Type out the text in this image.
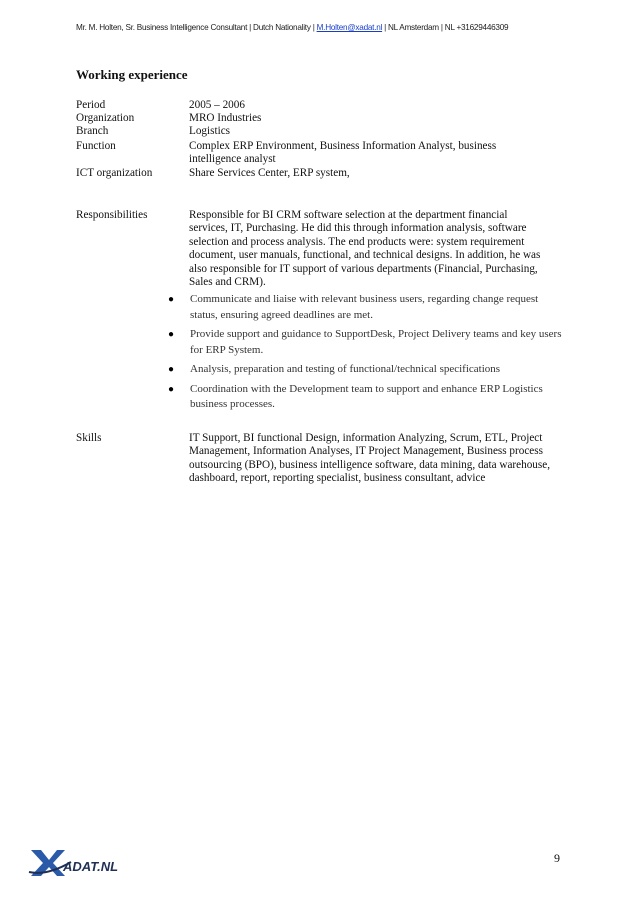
Mr. M. Holten, Sr. Business Intelligence Consultant | Dutch Nationality | M.Holten@xadat.nl | NL Amsterdam | NL +31629446309
Working experience
Period	2005 – 2006
Organization	MRO Industries
Branch	Logistics
Function	Complex ERP Environment, Business Information Analyst, business intelligence analyst
ICT organization	Share Services Center, ERP system,
Responsibilities	Responsible for BI CRM software selection at the department financial services, IT, Purchasing. He did this through information analysis, software selection and process analysis. The end products were: system requirement document, user manuals, functional, and technical designs. In addition, he was also responsible for IT support of various departments (Financial, Purchasing, Sales and CRM).
● Communicate and liaise with relevant business users, regarding change request status, ensuring agreed deadlines are met.
● Provide support and guidance to SupportDesk, Project Delivery teams and key users for ERP System.
● Analysis, preparation and testing of functional/technical specifications
● Coordination with the Development team to support and enhance ERP Logistics business processes.
Skills	IT Support, BI functional Design, information Analyzing, Scrum, ETL, Project Management, Information Analyses, IT Project Management, Business process outsourcing (BPO), business intelligence software, data mining, data warehouse, dashboard, report, reporting specialist, business consultant, advice
ADAT.NL
9
